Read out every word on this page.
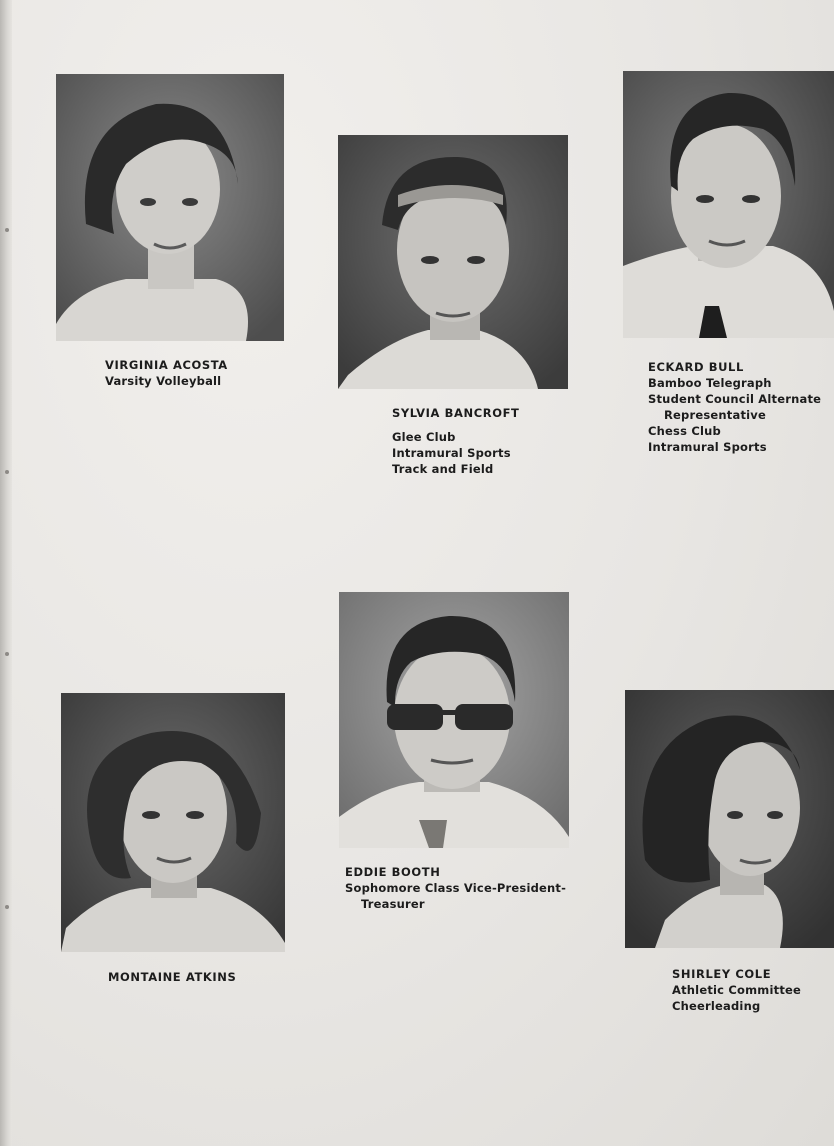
VIRGINIA ACOSTA
Varsity Volleyball
SYLVIA BANCROFT
Glee Club
Intramural Sports
Track and Field
ECKARD BULL
Bamboo Telegraph
Student Council Alternate
Representative
Chess Club
Intramural Sports
MONTAINE ATKINS
EDDIE BOOTH
Sophomore Class Vice-President-
Treasurer
SHIRLEY COLE
Athletic Committee
Cheerleading
